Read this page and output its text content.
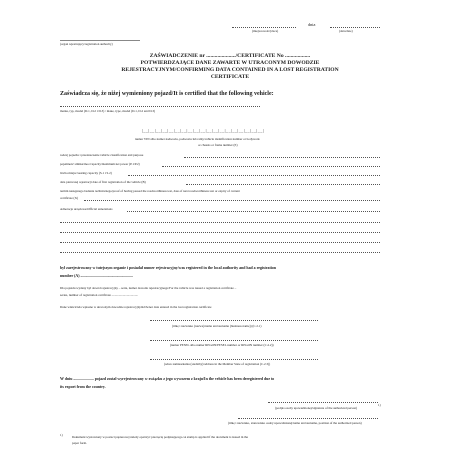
dnia
(miejscowość/place)	(data/date)
(organ rejestrujący/registration authority)
ZAŚWIADCZENIE nr ...................../CERTIFICATE No ..................
POTWIERDZAJĄCE DANE ZAWARTE W UTRACONYM DOWODZIE
REJESTRACYJNYM/CONFIRMING DATA CONTAINED IN A LOST REGISTRATION
CERTIFICATE
Zaświadcza się, że niżej wymieniony pojazd/It is certified that the following vehicle:
marka, typ, model (D.1, D.2 i D.3) / make, type, model (D.1, D.2 and D.3)
|__|__|__|__|__|__|__|__|__|__|__|__|__|__|__|__|__|__|__|
numer VIN albo numer nadwozia, podwozia lub ramy/vehicle identification number or bodywork
or chassis or frame number (E)
rodzaj pojazdu i przeznaczenie vehicle classification and purpose
pojemność silnika/moc/capacity/maximum net power (P.1/P.2)
liczba miejsc/seating capacity (S.1 i S.2)
data pierwszej rejestracji date of first registration of the vehicle (B)
termin następnego badania technicznego/proof of having passed the roadworthiness test, date of next roadworthiness test or expiry of current
certificate (X)
Adnotacje urzędowe/Official annotations
był zarejestrowany w tutejszym organie i posiadał numer rejestracyjny/was registered in the local authority and had a registration
number (A) ......................................................
Dla pojazdu wydany był dowód rejestracyjny – seria, numer dowodu rejestracyjnego/For the vehicle was issued a registration certificate –
series, number of registration certificate .................................
Dane właściciela wpisane w utraconym dowodzie rejestracyjnym/Owner data entered in the lost registration certificate
(imię i nazwisko (nazwa)/name and surname (business name)) (C.2.1)
(numer PESEL albo numer REGON/PESEL number or REGON number (C.2.2))
(adres zamieszkania (siedziby)/address in the Member State of registration (C.2.3))
W dniu ..................... pojazd został wyrejestrowany w związku z jego wywozem z kraju/In the vehicle has been deregistered due to
its export from the country.
(podpis osoby upoważnionej/signature of the authorized person)
1)
(imię i nazwisko, stanowisko osoby upoważnionej/name and surname, position of the authorized person)
1)	Dokument wystawiony w postaci papierowej należy opatrzyć pieczęcią podpisującego./A stamp is applied if the document is issued in the
paper form.
